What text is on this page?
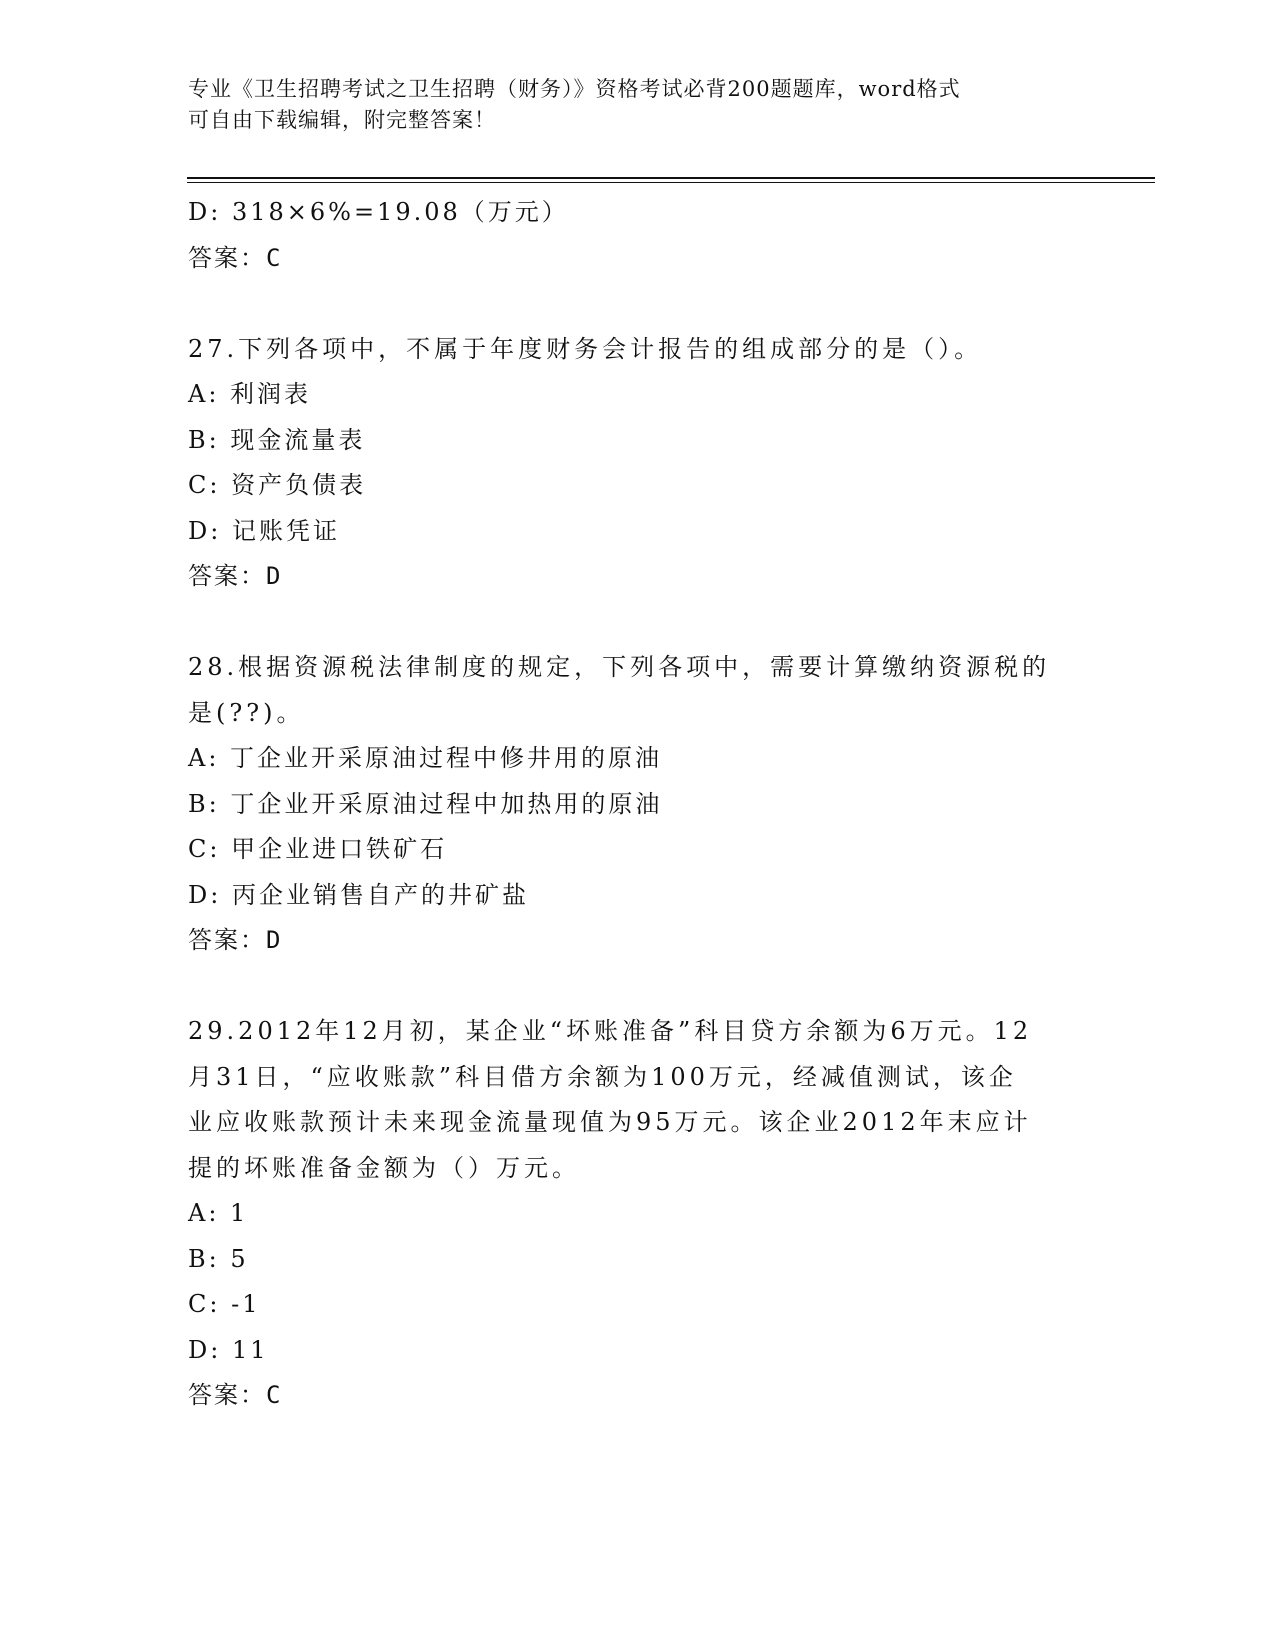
专业《卫生招聘考试之卫生招聘（财务）》资格考试必背200题题库，word格式
可自由下载编辑，附完整答案！
D: 318×6%=19.08（万元）
答案：C
27.下列各项中，不属于年度财务会计报告的组成部分的是（）。
A: 利润表
B: 现金流量表
C: 资产负债表
D: 记账凭证
答案：D
28.根据资源税法律制度的规定，下列各项中，需要计算缴纳资源税的
是(??)。
A: 丁企业开采原油过程中修井用的原油
B: 丁企业开采原油过程中加热用的原油
C: 甲企业进口铁矿石
D: 丙企业销售自产的井矿盐
答案：D
29.2012年12月初，某企业“坏账准备”科目贷方余额为6万元。12
月31日，“应收账款”科目借方余额为100万元，经减值测试，该企
业应收账款预计未来现金流量现值为95万元。该企业2012年末应计
提的坏账准备金额为（）万元。
A: 1
B: 5
C: -1
D: 11
答案：C
